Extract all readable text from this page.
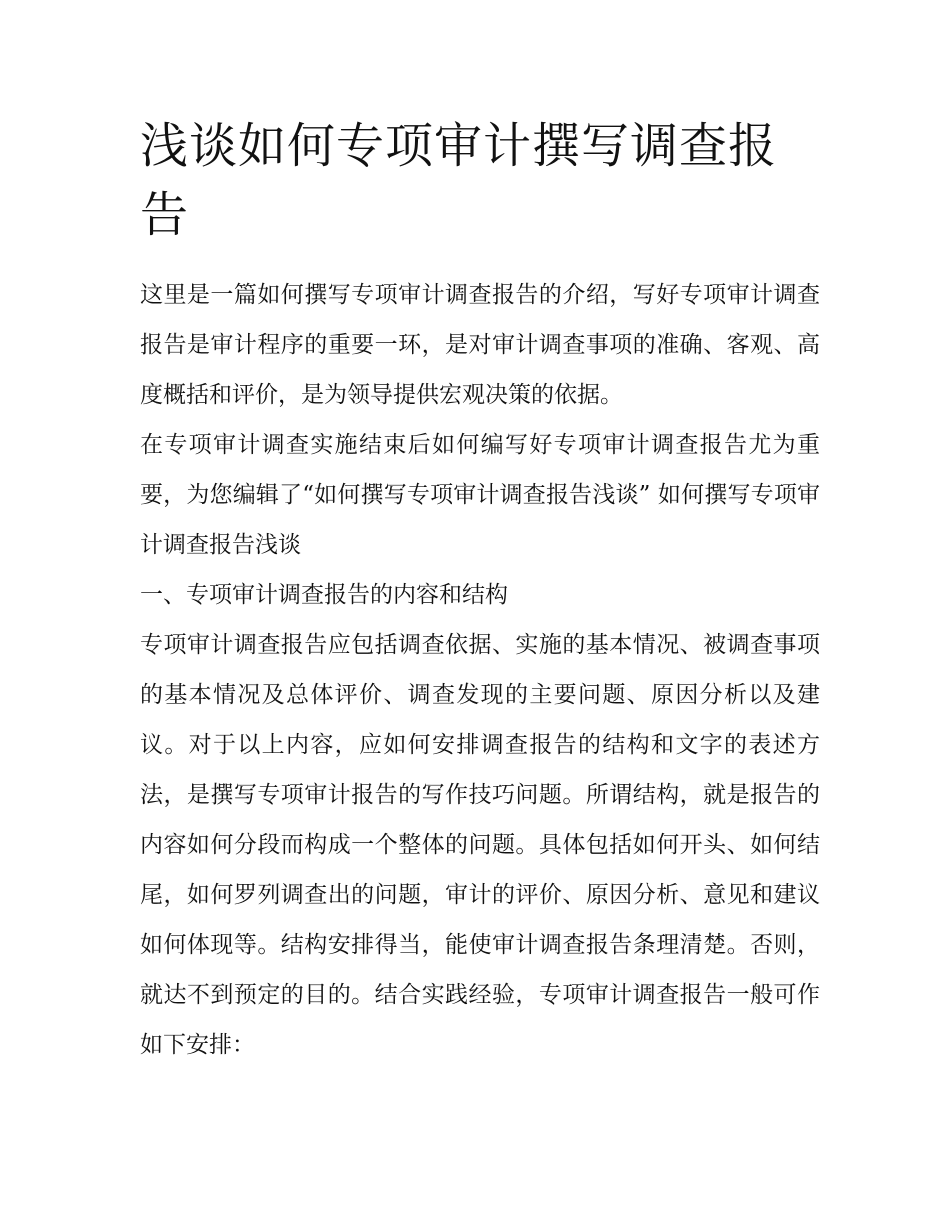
浅谈如何专项审计撰写调查报告

这里是一篇如何撰写专项审计调查报告的介绍，写好专项审计调查报告是审计程序的重要一环，是对审计调查事项的准确、客观、高度概括和评价，是为领导提供宏观决策的依据。

在专项审计调查实施结束后如何编写好专项审计调查报告尤为重要，为您编辑了“如何撰写专项审计调查报告浅谈” 如何撰写专项审计调查报告浅谈

一、专项审计调查报告的内容和结构

专项审计调查报告应包括调查依据、实施的基本情况、被调查事项的基本情况及总体评价、调查发现的主要问题、原因分析以及建议。对于以上内容，应如何安排调查报告的结构和文字的表述方法，是撰写专项审计报告的写作技巧问题。所谓结构，就是报告的内容如何分段而构成一个整体的问题。具体包括如何开头、如何结尾，如何罗列调查出的问题，审计的评价、原因分析、意见和建议如何体现等。结构安排得当，能使审计调查报告条理清楚。否则，就达不到预定的目的。结合实践经验，专项审计调查报告一般可作如下安排：
